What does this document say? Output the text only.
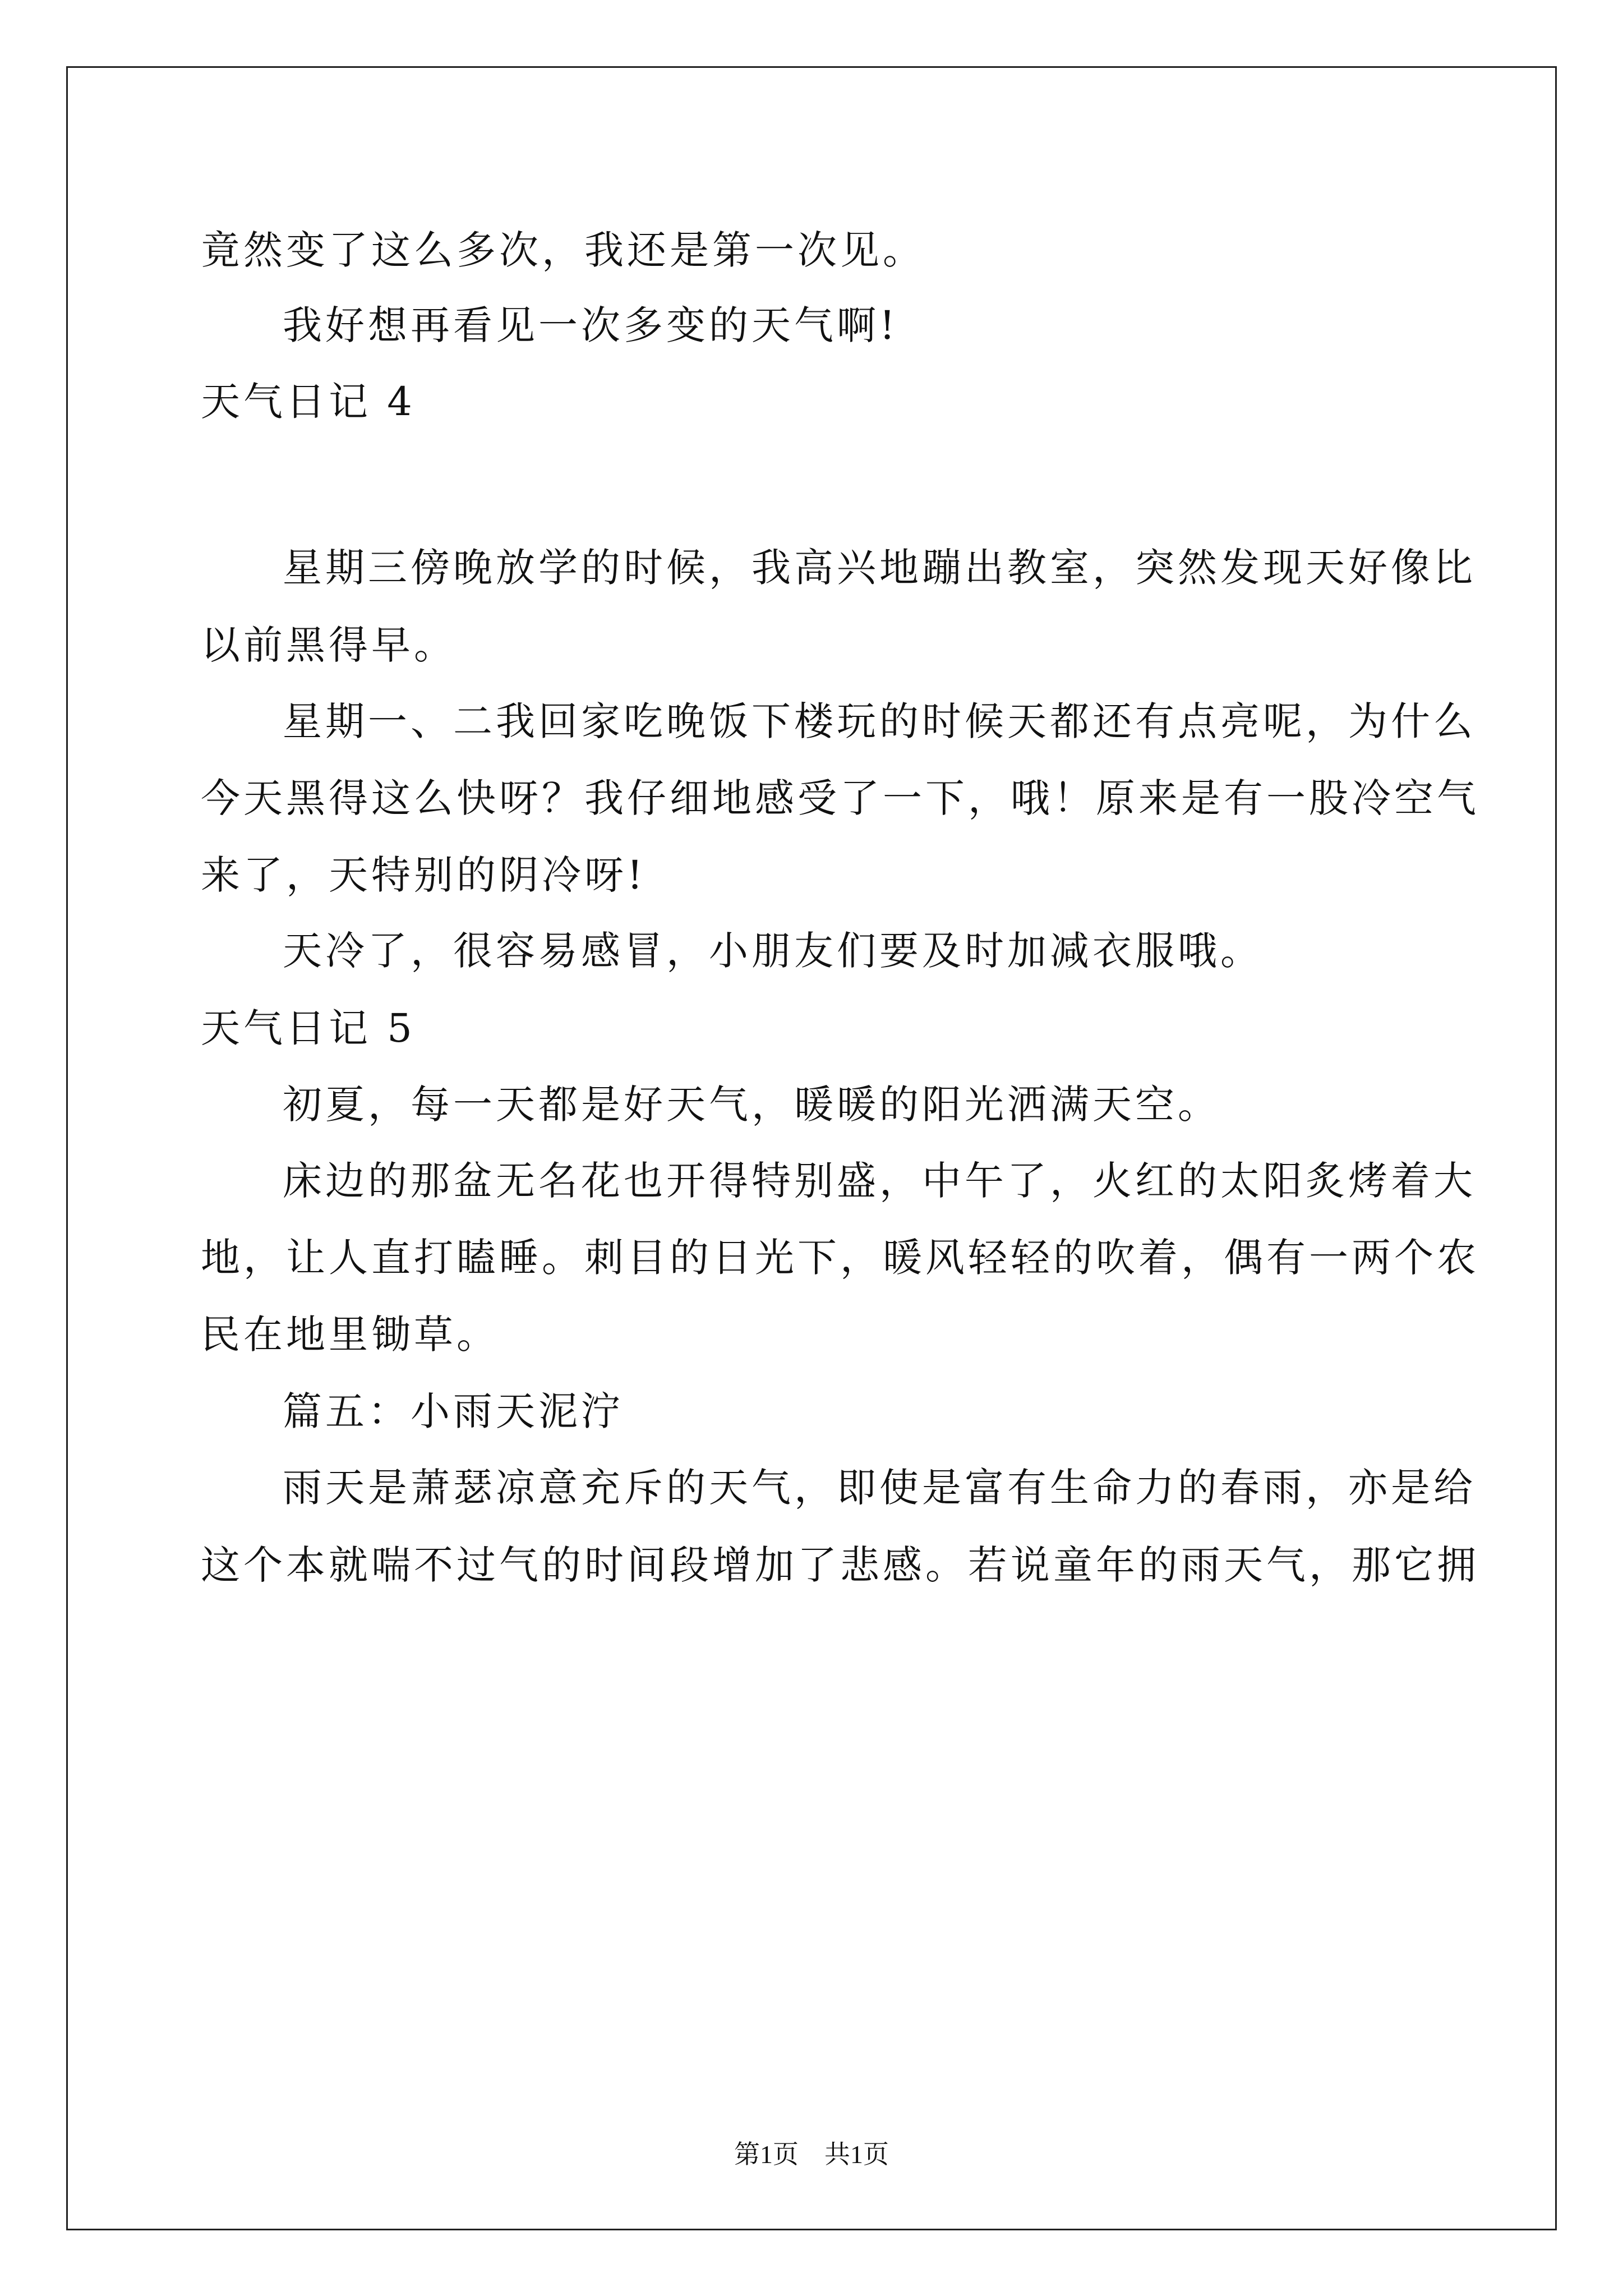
竟然变了这么多次，我还是第一次见。
我好想再看见一次多变的天气啊!
天气日记 4
星期三傍晚放学的时候，我高兴地蹦出教室，突然发现天好像比
以前黑得早。
星期一、二我回家吃晚饭下楼玩的时候天都还有点亮呢，为什么
今天黑得这么快呀？我仔细地感受了一下，哦！原来是有一股冷空气
来了，天特别的阴冷呀!
天冷了，很容易感冒，小朋友们要及时加减衣服哦。
天气日记 5
初夏，每一天都是好天气，暖暖的阳光洒满天空。
床边的那盆无名花也开得特别盛，中午了，火红的太阳炙烤着大
地，让人直打瞌睡。刺目的日光下，暖风轻轻的吹着，偶有一两个农
民在地里锄草。
篇五：小雨天泥泞
雨天是萧瑟凉意充斥的天气，即使是富有生命力的春雨，亦是给
这个本就喘不过气的时间段增加了悲感。若说童年的雨天气，那它拥
第1页　共1页
